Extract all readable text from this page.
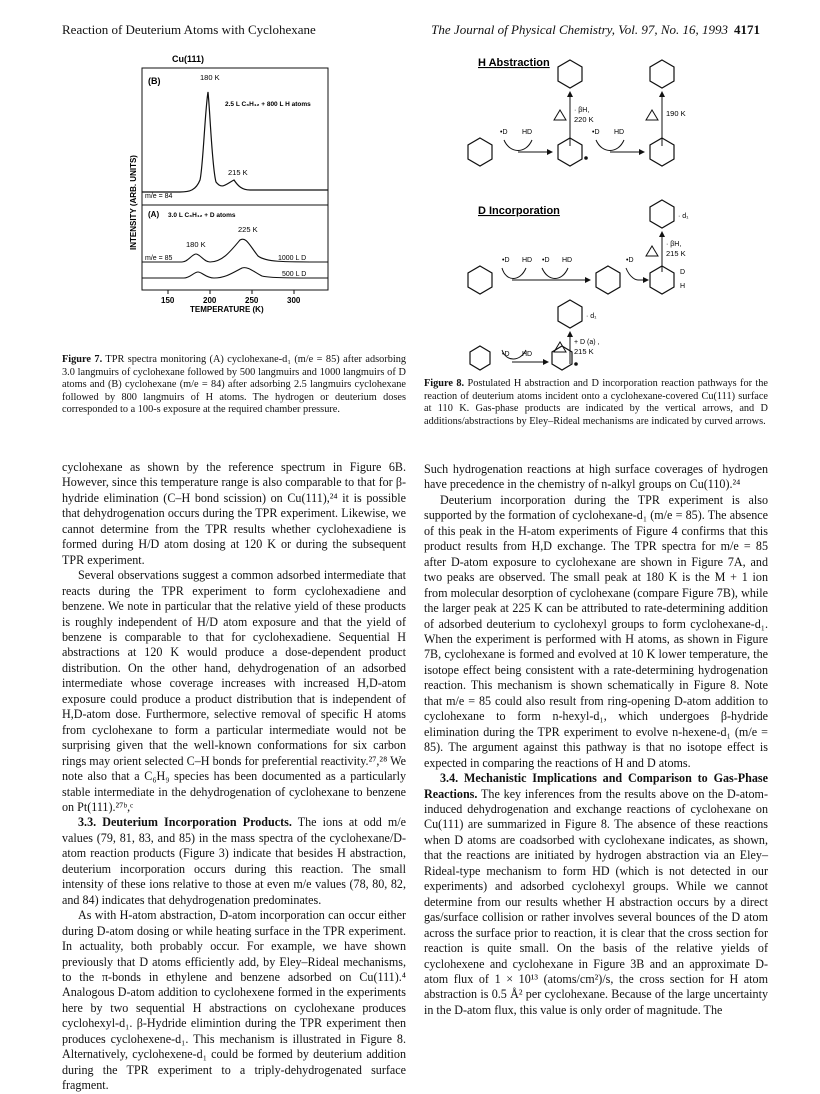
Reaction of Deuterium Atoms with Cyclohexane	The Journal of Physical Chemistry, Vol. 97, No. 16, 1993 4171
Cu(111)
INTENSITY (ARB. UNITS)
(B)	180 K
2.5 L C₆H₁₂ + 800 L H atoms
215 K
m/e = 84
(A) 3.0 L C₆H₁₂ + D atoms
225 K
180 K
m/e = 85	1000 L D
500 L D
150	200	250	300
TEMPERATURE (K)
Figure 7. TPR spectra monitoring (A) cyclohexane-d₁ (m/e = 85) after adsorbing 3.0 langmuirs of cyclohexane followed by 500 langmuirs and 1000 langmuirs of D atoms and (B) cyclohexane (m/e = 84) after adsorbing 2.5 langmuirs cyclohexane followed by 800 langmuirs of H atoms. The hydrogen or deuterium doses corresponded to a 100-s exposure at the required chamber pressure.
H Abstraction
· βH,
220 K
190 K
•D HD	•D HD
D Incorporation	· d₁
· βH,
215 K
•D HD •D HD	•D
D
H
· d₁
+ D (a) ,
215 K
•D HD
Figure 8. Postulated H abstraction and D incorporation reaction pathways for the reaction of deuterium atoms incident onto a cyclohexane-covered Cu(111) surface at 110 K. Gas-phase products are indicated by the vertical arrows, and D additions/abstractions by Eley–Rideal mechanisms are indicated by curved arrows.

cyclohexane as shown by the reference spectrum in Figure 6B. However, since this temperature range is also comparable to that for β-hydride elimination (C–H bond scission) on Cu(111),²⁴ it is possible that dehydrogenation occurs during the TPR experiment. Likewise, we cannot determine from the TPR results whether cyclohexadiene is formed during H/D atom dosing at 120 K or during the subsequent TPR experiment.

Several observations suggest a common adsorbed intermediate that reacts during the TPR experiment to form cyclohexadiene and benzene. We note in particular that the relative yield of these products is roughly independent of H/D atom exposure and that the yield of benzene is comparable to that for cyclohexadiene. Sequential H abstractions at 120 K would produce a dose-dependent product distribution. On the other hand, dehydrogenation of an adsorbed intermediate whose coverage increases with increased H,D-atom exposure could produce a product distribution that is independent of H,D-atom dose. Furthermore, selective removal of specific H atoms from cyclohexane to form a particular intermediate would not be surprising given that the well-known conformations for six carbon rings may orient selected C–H bonds for preferential reactivity.²⁷,²⁸ We note also that a C₆H₉ species has been documented as a particularly stable intermediate in the dehydrogenation of cyclohexane to benzene on Pt(111).²⁷ᵇ,ᶜ

3.3. Deuterium Incorporation Products. The ions at odd m/e values (79, 81, 83, and 85) in the mass spectra of the cyclohexane/D-atom reaction products (Figure 3) indicate that besides H abstraction, deuterium incorporation occurs during this reaction. The small intensity of these ions relative to those at even m/e values (78, 80, 82, and 84) indicates that dehydrogenation predominates.

As with H-atom abstraction, D-atom incorporation can occur either during D-atom dosing or while heating surface in the TPR experiment. In actuality, both probably occur. For example, we have shown previously that D atoms efficiently add, by Eley–Rideal mechanisms, to the π-bonds in ethylene and benzene adsorbed on Cu(111).⁴ Analogous D-atom addition to cyclohexene formed in the experiments here by two sequential H abstractions on cyclohexane produces cyclohexyl-d₁. β-Hydride elimintion during the TPR experiment then produces cyclohexene-d₁. This mechanism is illustrated in Figure 8. Alternatively, cyclohexene-d₁ could be formed by deuterium addition during the TPR experiment to a triply-dehydrogenated surface fragment.

Such hydrogenation reactions at high surface coverages of hydrogen have precedence in the chemistry of n-alkyl groups on Cu(110).²⁴

Deuterium incorporation during the TPR experiment is also supported by the formation of cyclohexane-d₁ (m/e = 85). The absence of this peak in the H-atom experiments of Figure 4 confirms that this product results from H,D exchange. The TPR spectra for m/e = 85 after D-atom exposure to cyclohexane are shown in Figure 7A, and two peaks are observed. The small peak at 180 K is the M + 1 ion from molecular desorption of cyclohexane (compare Figure 7B), while the larger peak at 225 K can be attributed to rate-determining addition of adsorbed deuterium to cyclohexyl groups to form cyclohexane-d₁. When the experiment is performed with H atoms, as shown in Figure 7B, cyclohexane is formed and evolved at 10 K lower temperature, the isotope effect being consistent with a rate-determining hydrogenation reaction. This mechanism is shown schematically in Figure 8. Note that m/e = 85 could also result from ring-opening D-atom addition to cyclohexane to form n-hexyl-d₁, which undergoes β-hydride elimination during the TPR experiment to evolve n-hexene-d₁ (m/e = 85). The argument against this pathway is that no isotope effect is expected in comparing the reactions of H and D atoms.

3.4. Mechanistic Implications and Comparison to Gas-Phase Reactions. The key inferences from the results above on the D-atom-induced dehydrogenation and exchange reactions of cyclohexane on Cu(111) are summarized in Figure 8. The absence of these reactions when D atoms are coadsorbed with cyclohexane indicates, as shown, that the reactions are initiated by hydrogen abstraction via an Eley–Rideal-type mechanism to form HD (which is not detected in our experiments) and adsorbed cyclohexyl groups. While we cannot determine from our results whether H abstraction occurs by a direct gas/surface collision or rather involves several bounces of the D atom across the surface prior to reaction, it is clear that the cross section for reaction is quite small. On the basis of the relative yields of cyclohexene and cyclohexane in Figure 3B and an approximate D-atom flux of 1 × 10¹³ (atoms/cm²)/s, the cross section for H atom abstraction is 0.5 Å² per cyclohexane. Because of the large uncertainty in the D-atom flux, this value is only order of magnitude. The
